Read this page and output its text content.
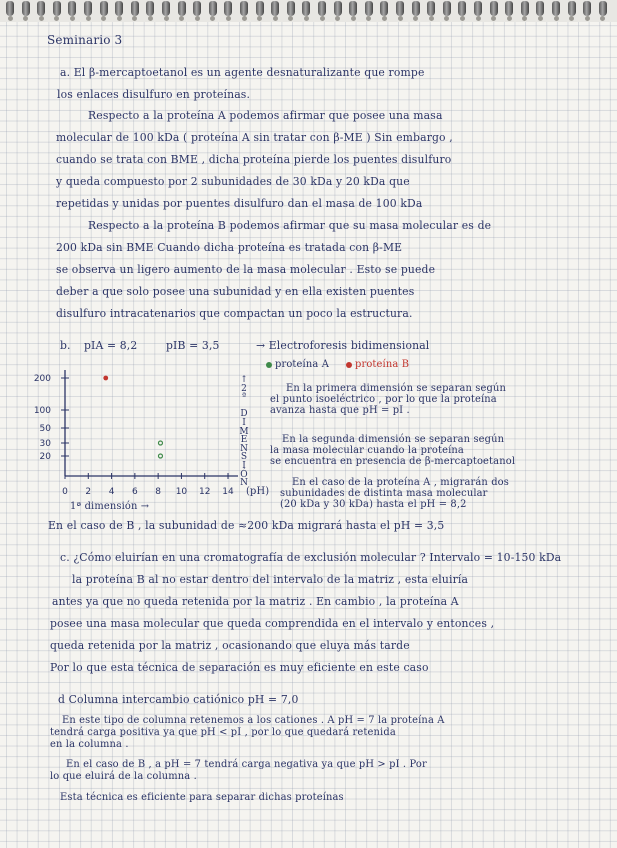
Seminario 3
a. El β-mercaptoetanol es un agente desnaturalizante que rompe
los enlaces disulfuro en proteínas.
Respecto a la proteína A podemos afirmar que posee una masa
molecular de 100 kDa ( proteína A sin tratar con β-ME ) Sin embargo ,
cuando se trata con BME , dicha proteína pierde los puentes disulfuro
y queda compuesto por 2 subunidades de 30 kDa y 20 kDa que
repetidas y unidas por puentes disulfuro dan el masa de 100 kDa
Respecto a la proteína B podemos afirmar que su masa molecular es de
200 kDa sin BME Cuando dicha proteína es tratada con β-ME
se observa un ligero aumento de la masa molecular . Esto se puede
deber a que solo posee una subunidad y en ella existen puentes
disulfuro intracatenarios que compactan un poco la estructura.
b. pIA = 8,2	pIB = 3,5	→ Electroforesis bidimensional
proteína A	proteína B
0 2 4 6 8 10 12 14
20
30
50
100
200
1ª dimensión →
(pH)
↑
2
ª

D
I
M
E
N
S
I
Ó
N
En la primera dimensión se separan según
el punto isoeléctrico , por lo que la proteína
avanza hasta que pH = pI .
En la segunda dimensión se separan según
la masa molecular cuando la proteína
se encuentra en presencia de β-mercaptoetanol
En el caso de la proteína A , migrarán dos
subunidades de distinta masa molecular
(20 kDa y 30 kDa) hasta el pH = 8,2
En el caso de B , la subunidad de ≈200 kDa migrará hasta el pH = 3,5
c. ¿Cómo eluirían en una cromatografía de exclusión molecular ? Intervalo = 10-150 kDa
la proteína B al no estar dentro del intervalo de la matriz , esta eluiría
antes ya que no queda retenida por la matriz . En cambio , la proteína A
posee una masa molecular que queda comprendida en el intervalo y entonces ,
queda retenida por la matriz , ocasionando que eluya más tarde
Por lo que esta técnica de separación es muy eficiente en este caso
d Columna intercambio catiónico pH = 7,0
En este tipo de columna retenemos a los cationes . A pH = 7 la proteína A
tendrá carga positiva ya que pH < pI , por lo que quedará retenida
en la columna .
En el caso de B , a pH = 7 tendrá carga negativa ya que pH > pI . Por
lo que eluirá de la columna .
Esta técnica es eficiente para separar dichas proteínas
